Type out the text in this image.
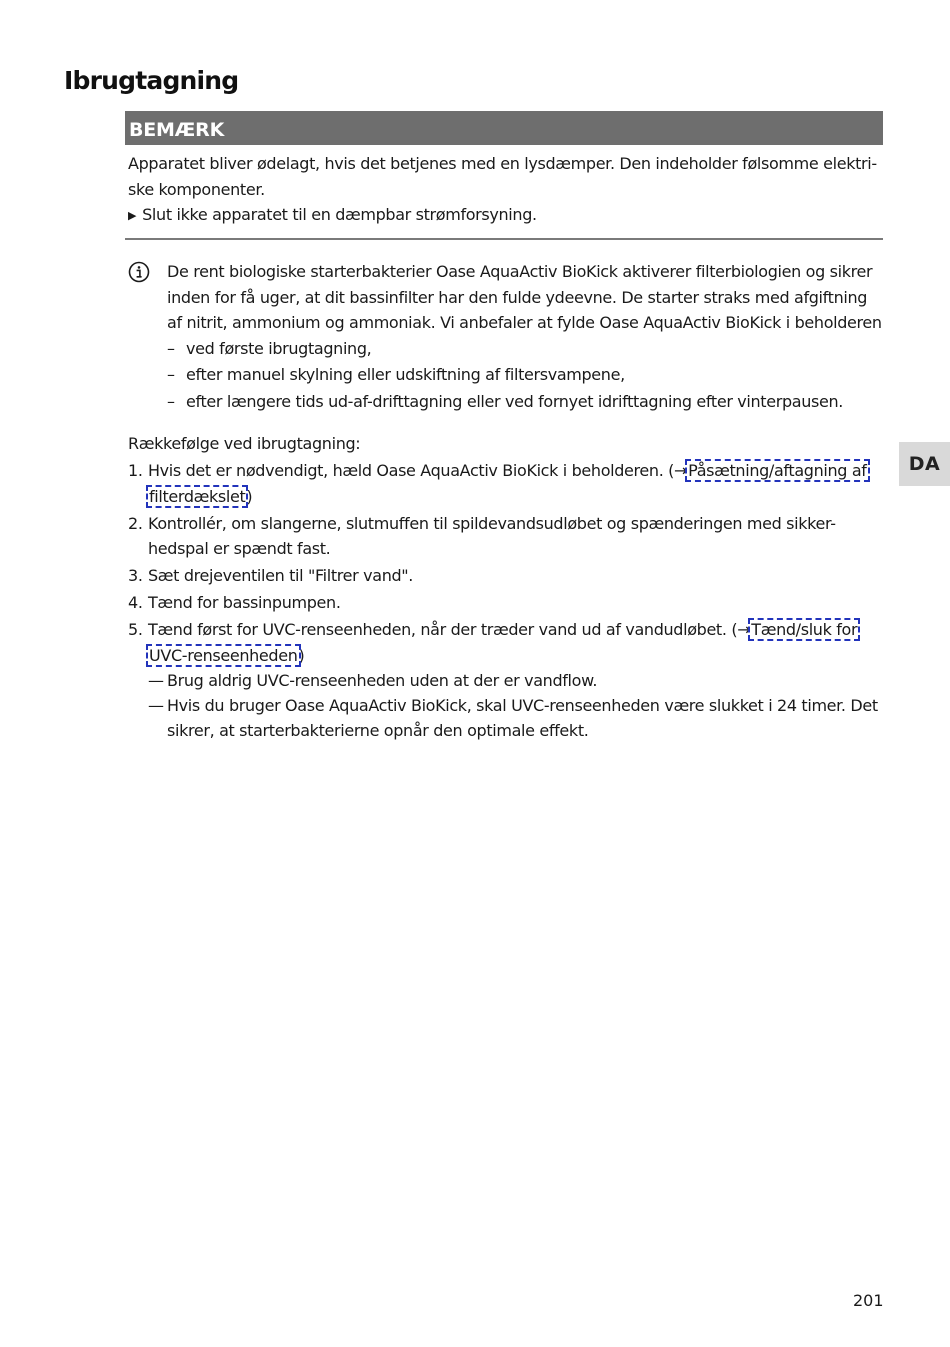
Ibrugtagning
BEMÆRK

Apparatet bliver ødelagt, hvis det betjenes med en lysdæmper. Den indeholder følsomme elektri-

ske komponenter.

▶ Slut ikke apparatet til en dæmpbar strømforsyning.

De rent biologiske starterbakterier Oase AquaActiv BioKick aktiverer filterbiologien og sikrer

inden for få uger, at dit bassinfilter har den fulde ydeevne. De starter straks med afgiftning

af nitrit, ammonium og ammoniak. Vi anbefaler at fylde Oase AquaActiv BioKick i beholderen

– ved første ibrugtagning,
– efter manuel skylning eller udskiftning af filtersvampene,
– efter længere tids ud-af-drifttagning eller ved fornyet idrifttagning efter vinterpausen.
Rækkefølge ved ibrugtagning:
1. Hvis det er nødvendigt, hæld Oase AquaActiv BioKick i beholderen. (→Påsætning/aftagning af
filterdækslet)
2. Kontrollér, om slangerne, slutmuffen til spildevandsudløbet og spænderingen med sikker-
hedspal er spændt fast.
3. Sæt drejeventilen til "Filtrer vand".
4. Tænd for bassinpumpen.
5. Tænd først for UVC-renseenheden, når der træder vand ud af vandudløbet. (→Tænd/sluk for
UVC-renseenheden)
— Brug aldrig UVC-renseenheden uden at der er vandflow.
— Hvis du bruger Oase AquaActiv BioKick, skal UVC-renseenheden være slukket i 24 timer. Det
sikrer, at starterbakterierne opnår den optimale effekt.
DA
201
